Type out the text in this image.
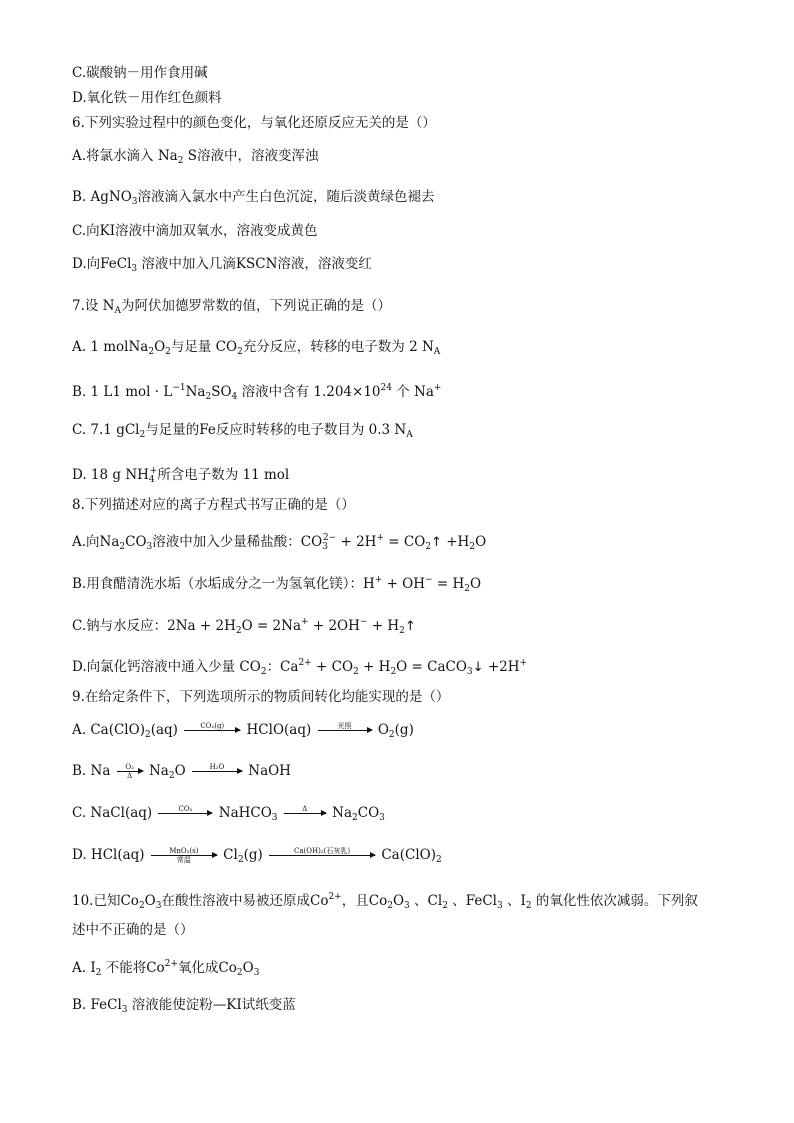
C.碳酸钠－用作食用碱
D.氧化铁－用作红色颜料
6.下列实验过程中的颜色变化，与氧化还原反应无关的是（）
A.将氯水滴入 $Na_2$ S溶液中，溶液变浑浊
B. AgNO$_3$溶液滴入氯水中产生白色沉淀，随后淡黄绿色褪去
C.向KI溶液中滴加双氧水，溶液变成黄色
D.向FeCl$_3$ 溶液中加入几滴KSCN溶液，溶液变红
7.设 $N_A$为阿伏加德罗常数的值，下列说正确的是（）
A. 1 $molNa_2O_2$与足量 $CO_2$充分反应，转移的电子数为 2 $N_A$
B. 1 L1 mol · $L^{-1}Na_2SO_4$ 溶液中含有 $1.204\times 10^{24}$ 个 Na+
C. 7.1 gCl$_2$与足量的Fe反应时转移的电子数目为 0.3 $N_A$
D. 18 g $NH_4^+$所含电子数为 11 mol
8.下列描述对应的离子方程式书写正确的是（）
A.向$Na_2CO_3$溶液中加入少量稀盐酸：$CO_3^{2-} + 2H^+$ = $CO_2↑ +H_2O$
B.用食醋清洗水垢（水垢成分之一为氢氧化镁）：$H^+ + OH^- = H_2O$
C.钠与水反应：$2Na + 2H_2O = 2Na^+ + 2OH^-$ + $H_2↑$
D.向氯化钙溶液中通入少量 $CO_2$：$Ca^{2+} + CO_2 + H_2O$ = CaCO$_3$↓ +2H+
9.在给定条件下，下列选项所示的物质间转化均能实现的是（）
A. $Ca(ClO)_2(aq)$	CO₂(g) HClO(aq)	光照 $O_2(g)$
B. Na $\frac{\text{O₂}}{\Delta} Na_2O$	H₂O NaOH
C. NaCl(aq)	CO₂ NaHCO$_3$
Δ $Na_2CO_3$
D. HCl(aq)	MnO₂(s)
常温 $Cl_2(g)$	Ca(OH)₂(石灰乳) $Ca(ClO)_2$
10.已知$Co_2O_3$在酸性溶液中易被还原成$Co^{2+}$，且$Co_2O_3$ 、$Cl_2$ 、FeCl$_3$ 、$I_2$ 的氧化性依次减弱。下列叙
述中不正确的是（）
A. $I_2$ 不能将$Co^{2+}$氧化成$Co_2O_3$
B. FeCl$_3$ 溶液能使淀粉—KI试纸变蓝
